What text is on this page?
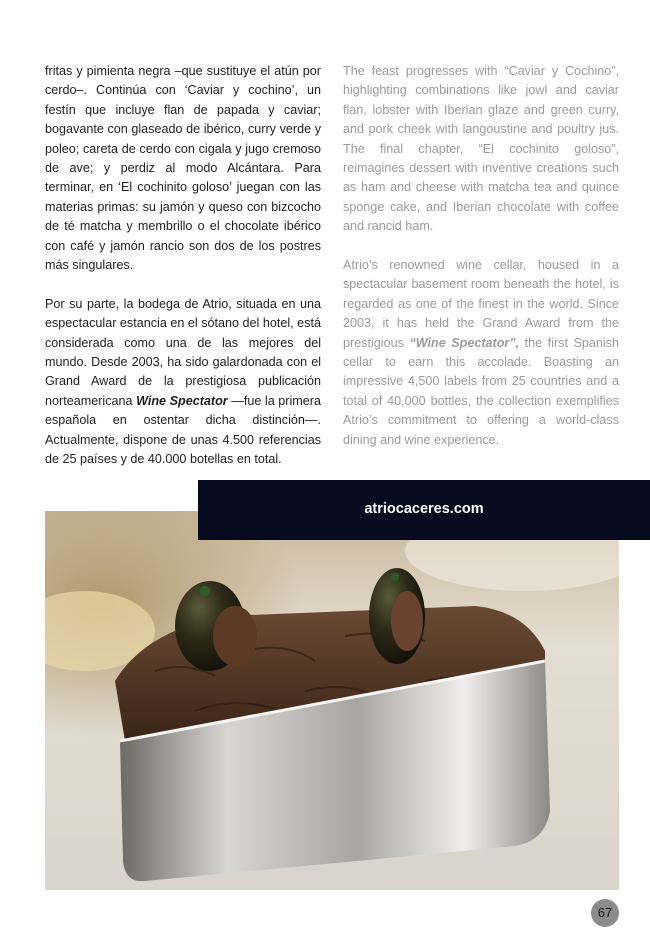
fritas y pimienta negra –que sustituye el atún por cerdo–. Continúa con ‘Caviar y cochino’, un festín que incluye flan de papada y caviar; bogavante con glaseado de ibérico, curry verde y poleo; careta de cerdo con cigala y jugo cremoso de ave; y perdiz al modo Alcántara. Para terminar, en ‘El cochinito goloso’ juegan con las materias primas: su jamón y queso con bizcocho de té matcha y membrillo o el chocolate ibérico con café y jamón rancio son dos de los postres más singulares.

Por su parte, la bodega de Atrio, situada en una espectacular estancia en el sótano del hotel, está considerada como una de las mejores del mundo. Desde 2003, ha sido galardonada con el Grand Award de la prestigiosa publicación norteamericana Wine Spectator —fue la primera española en ostentar dicha distinción—. Actualmente, dispone de unas 4.500 referencias de 25 países y de 40.000 botellas en total.

The feast progresses with “Caviar y Cochino”, highlighting combinations like jowl and caviar flan, lobster with Iberian glaze and green curry, and pork cheek with langoustine and poultry jus. The final chapter, “El cochinito goloso”, reimagines dessert with inventive creations such as ham and cheese with matcha tea and quince sponge cake, and Iberian chocolate with coffee and rancid ham.

Atrio’s renowned wine cellar, housed in a spectacular basement room beneath the hotel, is regarded as one of the finest in the world. Since 2003, it has held the Grand Award from the prestigious “Wine Spectator”, the first Spanish cellar to earn this accolade. Boasting an impressive 4,500 labels from 25 countries and a total of 40,000 bottles, the collection exemplifies Atrio’s commitment to offering a world-class dining and wine experience.

atriocaceres.com
67
